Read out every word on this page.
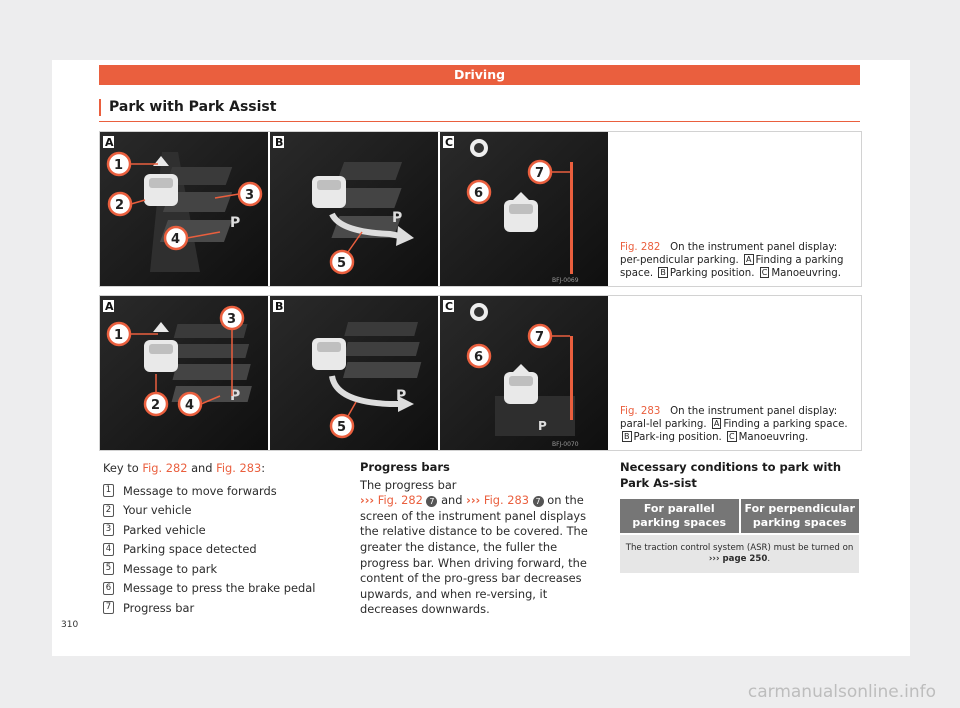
Driving
Park with Park Assist
A
P
1
2
3
4
B
P
5
C
6
7
BFJ-0069
Fig. 282 On the instrument panel display: per-pendicular parking. A Finding a parking space. B Parking position. C Manoeuvring.
A
P
1
2
3
4
B
P
5
C
P
6
7
BFJ-0070
Fig. 283 On the instrument panel display: paral-lel parking. A Finding a parking space. B Park-ing position. C Manoeuvring.
Key to Fig. 282 and Fig. 283:
1 Message to move forwards
2 Your vehicle
3 Parked vehicle
4 Parking space detected
5 Message to park
6 Message to press the brake pedal
7 Progress bar
Progress bars
The progress bar
››› Fig. 282 7 and ››› Fig. 283 7 on the
screen of the instrument panel displays the relative distance to be covered. The greater the distance, the fuller the progress bar. When driving forward, the content of the pro-gress bar decreases upwards, and when re-versing, it decreases downwards.
Necessary conditions to park with Park As-sist
For parallel parking spaces	For perpendicular parking spaces
The traction control system (ASR) must be turned on
››› page 250.
310
carmanualsonline.info
